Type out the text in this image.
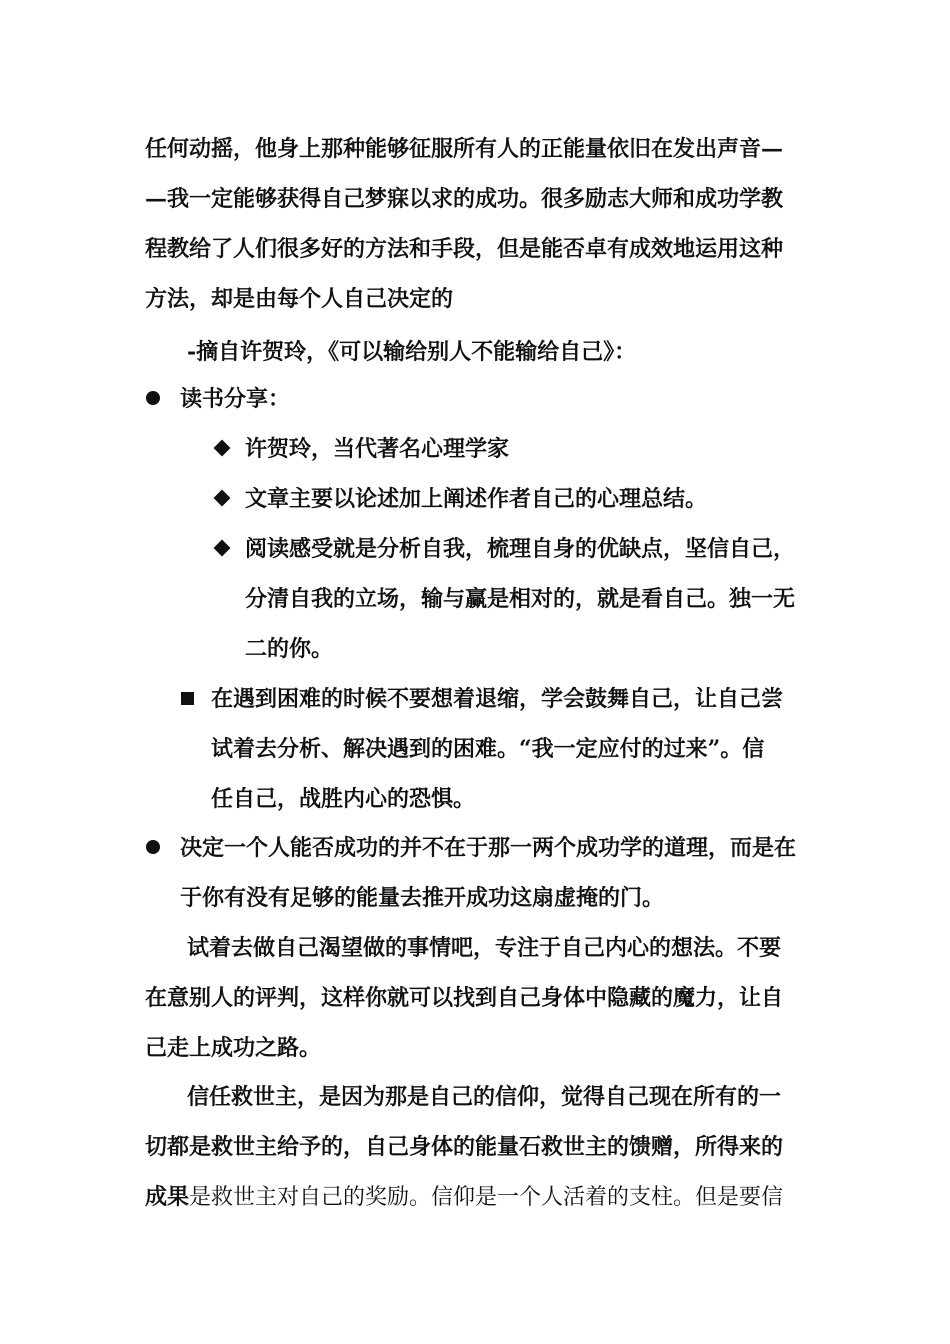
任何动摇，他身上那种能够征服所有人的正能量依旧在发出声音—
—我一定能够获得自己梦寐以求的成功。很多励志大师和成功学教
程教给了人们很多好的方法和手段，但是能否卓有成效地运用这种
方法，却是由每个人自己决定的
-摘自许贺玲，《可以输给别人不能输给自己》：
读书分享：
许贺玲，当代著名心理学家
文章主要以论述加上阐述作者自己的心理总结。
阅读感受就是分析自我，梳理自身的优缺点，坚信自己，
分清自我的立场，输与赢是相对的，就是看自己。独一无
二的你。
在遇到困难的时候不要想着退缩，学会鼓舞自己，让自己尝
试着去分析、解决遇到的困难。“我一定应付的过来”。信
任自己，战胜内心的恐惧。
决定一个人能否成功的并不在于那一两个成功学的道理，而是在
于你有没有足够的能量去推开成功这扇虚掩的门。
试着去做自己渴望做的事情吧，专注于自己内心的想法。不要
在意别人的评判，这样你就可以找到自己身体中隐藏的魔力，让自
己走上成功之路。
信任救世主，是因为那是自己的信仰，觉得自己现在所有的一
切都是救世主给予的，自己身体的能量石救世主的馈赠，所得来的
成果是救世主对自己的奖励。信仰是一个人活着的支柱。但是要信
